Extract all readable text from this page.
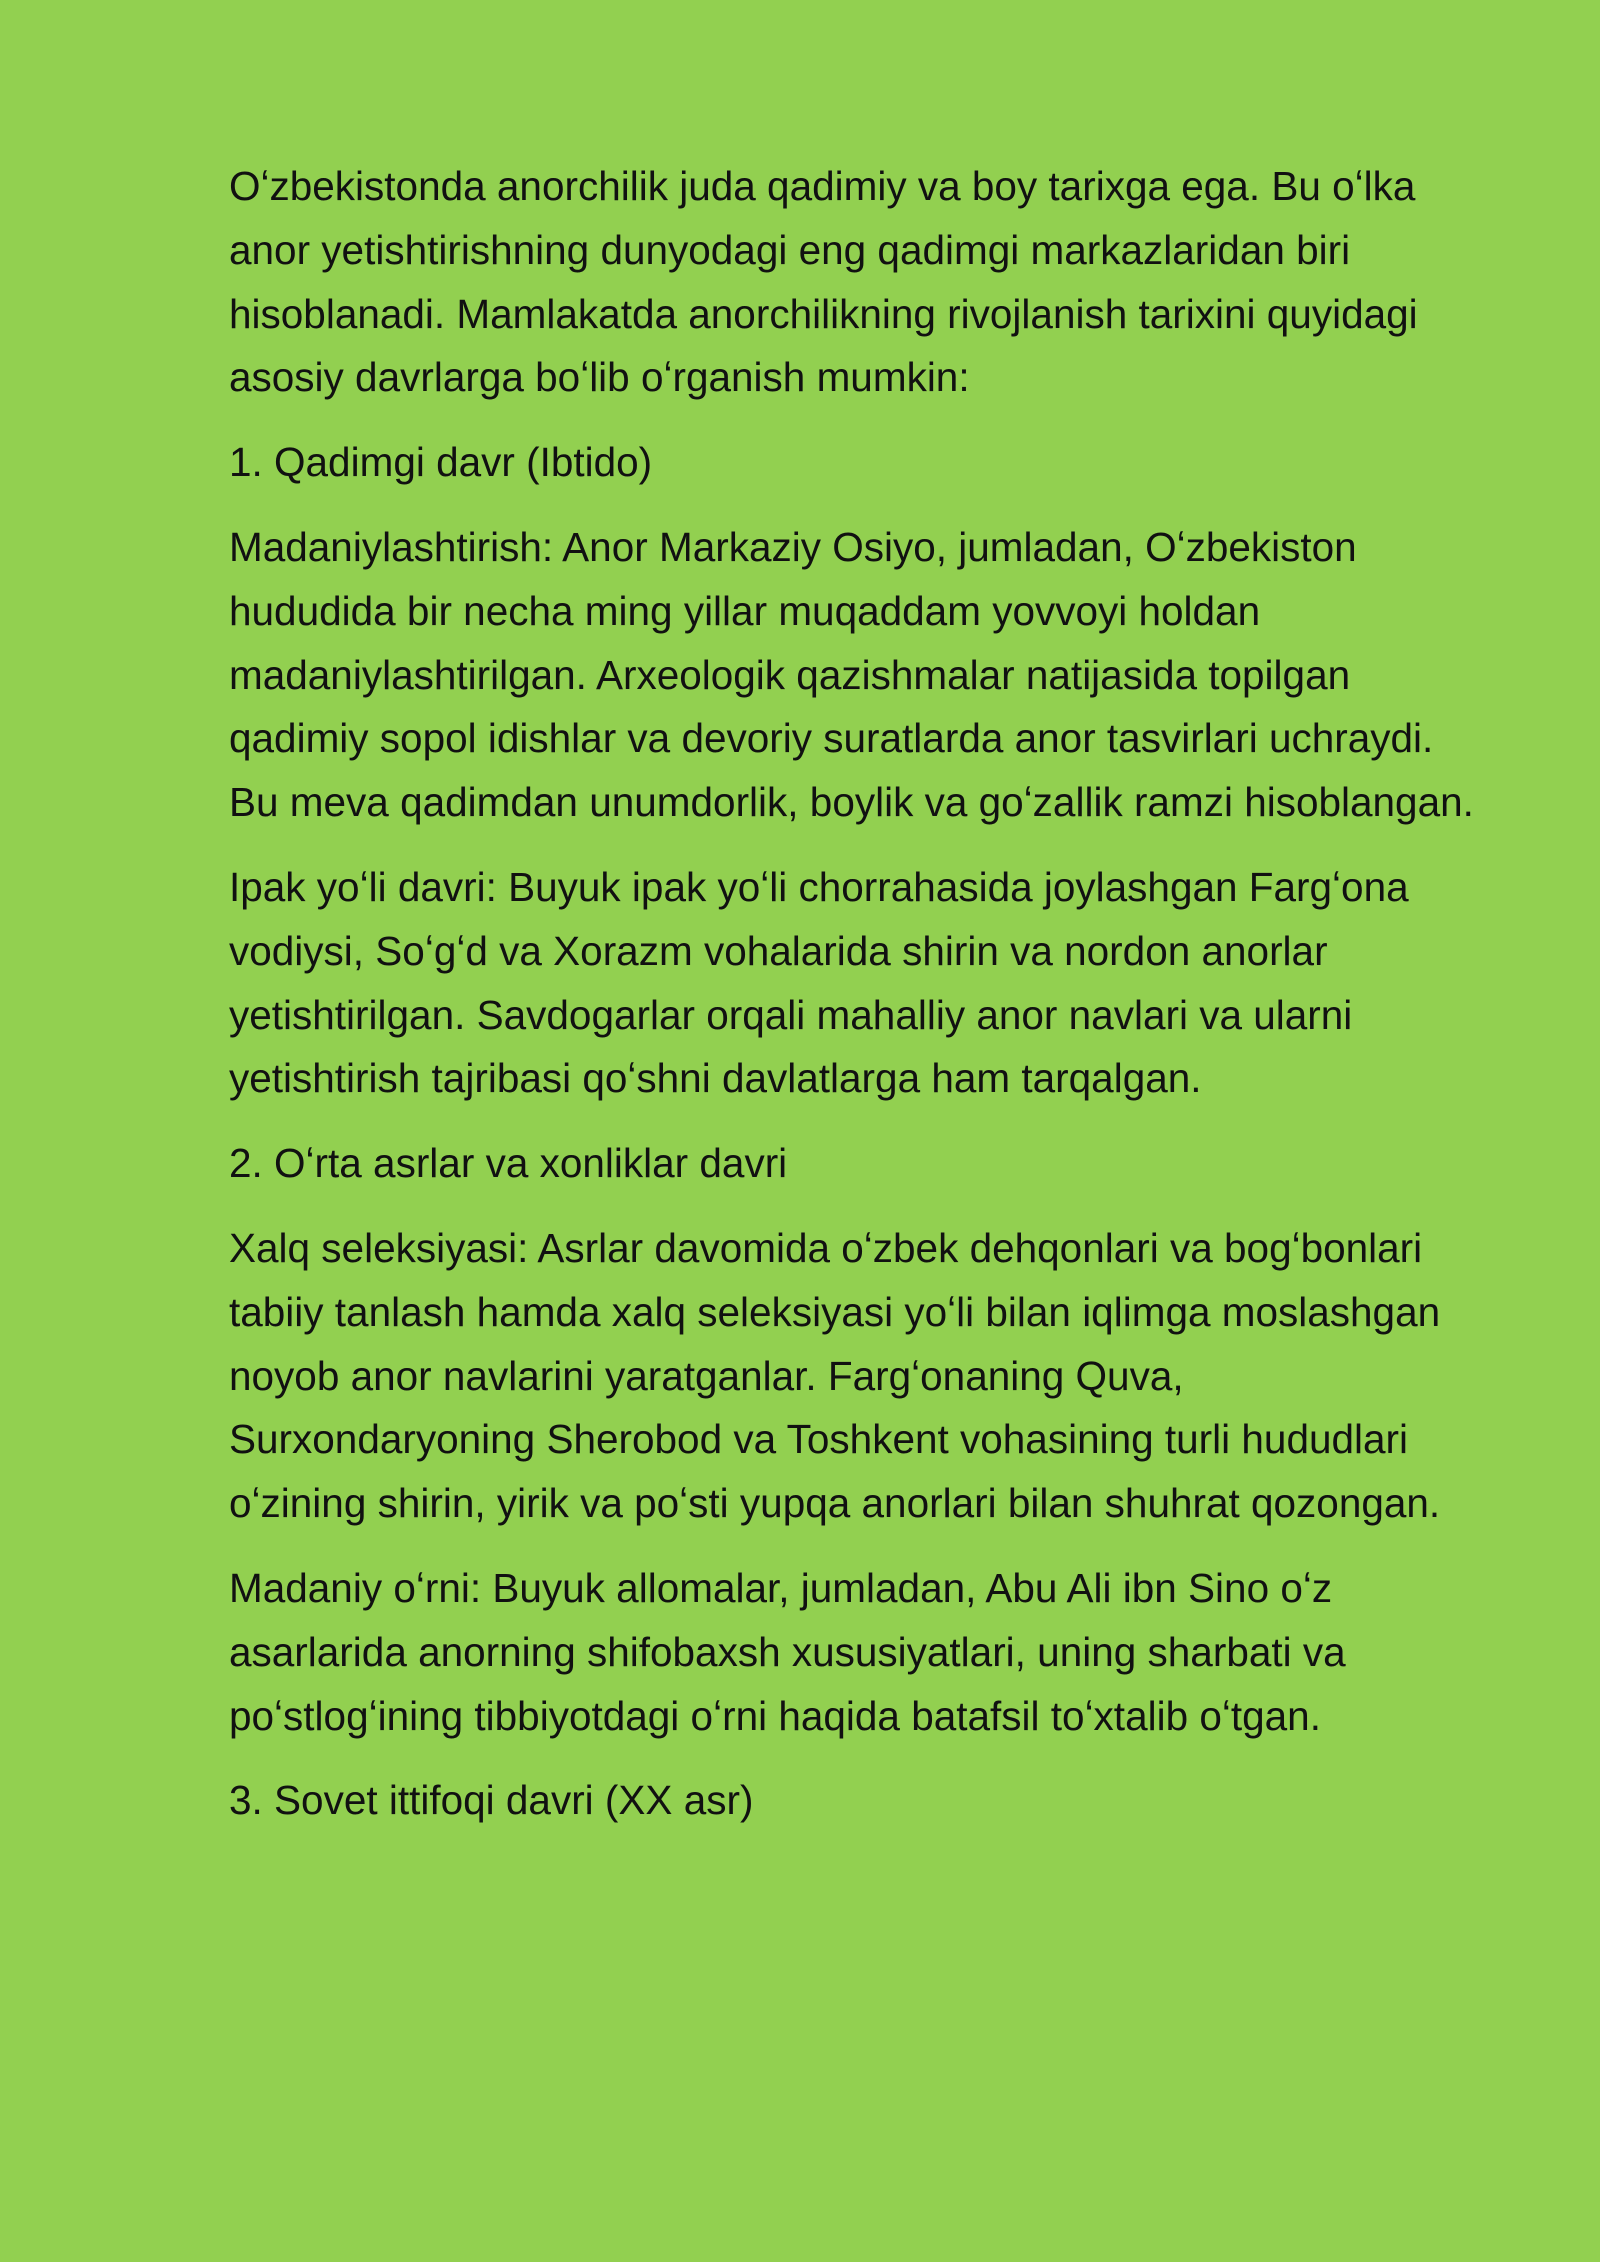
Oʻzbekistonda anorchilik juda qadimiy va boy tarixga ega. Bu oʻlka anor yetishtirishning dunyodagi eng qadimgi markazlaridan biri hisoblanadi. Mamlakatda anorchilikning rivojlanish tarixini quyidagi asosiy davrlarga boʻlib oʻrganish mumkin:

1. Qadimgi davr (Ibtido)

Madaniylashtirish: Anor Markaziy Osiyo, jumladan, Oʻzbekiston hududida bir necha ming yillar muqaddam yovvoyi holdan madaniylashtirilgan. Arxeologik qazishmalar natijasida topilgan qadimiy sopol idishlar va devoriy suratlarda anor tasvirlari uchraydi. Bu meva qadimdan unumdorlik, boylik va goʻzallik ramzi hisoblangan.

Ipak yoʻli davri: Buyuk ipak yoʻli chorrahasida joylashgan Fargʻona vodiysi, Soʻgʻd va Xorazm vohalarida shirin va nordon anorlar yetishtirilgan. Savdogarlar orqali mahalliy anor navlari va ularni yetishtirish tajribasi qoʻshni davlatlarga ham tarqalgan.

2. Oʻrta asrlar va xonliklar davri

Xalq seleksiyasi: Asrlar davomida oʻzbek dehqonlari va bogʻbonlari tabiiy tanlash hamda xalq seleksiyasi yoʻli bilan iqlimga moslashgan noyob anor navlarini yaratganlar. Fargʻonaning Quva, Surxondaryoning Sherobod va Toshkent vohasining turli hududlari oʻzining shirin, yirik va poʻsti yupqa anorlari bilan shuhrat qozongan.

Madaniy oʻrni: Buyuk allomalar, jumladan, Abu Ali ibn Sino oʻz asarlarida anorning shifobaxsh xususiyatlari, uning sharbati va poʻstlogʻining tibbiyotdagi oʻrni haqida batafsil toʻxtalib oʻtgan.

3. Sovet ittifoqi davri (XX asr)
